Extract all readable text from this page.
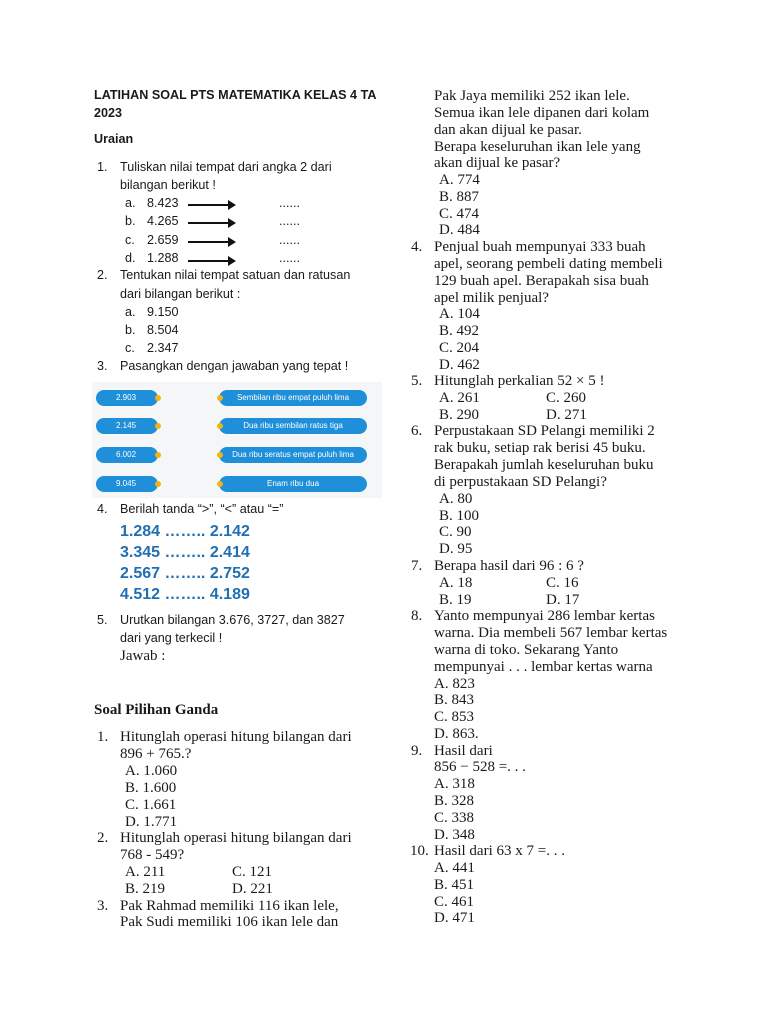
LATIHAN SOAL PTS MATEMATIKA KELAS 4 TA
2023
Uraian
1. Tuliskan nilai tempat dari angka 2 dari
bilangan berikut !
a. 8.423	......
b. 4.265	......
c. 2.659	......
d. 1.288	......
2. Tentukan nilai tempat satuan dan ratusan
dari bilangan berikut :
a. 9.150
b. 8.504
c. 2.347
3. Pasangkan dengan jawaban yang tepat !
2.903	Sembilan ribu empat puluh lima
2.145	Dua ribu sembilan ratus tiga
6.002	Dua ribu seratus empat puluh lima
9.045	Enam ribu dua
4. Berilah tanda “>”, “<” atau “=”
1.284 …….. 2.142
3.345 …….. 2.414
2.567 …….. 2.752
4.512 …….. 4.189
5. Urutkan bilangan 3.676, 3727, dan 3827
dari yang terkecil !
Jawab :
Soal Pilihan Ganda
1. Hitunglah operasi hitung bilangan dari
896 + 765.?
A. 1.060
B. 1.600
C. 1.661
D. 1.771
2. Hitunglah operasi hitung bilangan dari
768 - 549?
A. 211	C. 121
B. 219	D. 221
3. Pak Rahmad memiliki 116 ikan lele,
Pak Sudi memiliki 106 ikan lele dan
Pak Jaya memiliki 252 ikan lele.
Semua ikan lele dipanen dari kolam
dan akan dijual ke pasar.
Berapa keseluruhan ikan lele yang
akan dijual ke pasar?
A. 774
B. 887
C. 474
D. 484
4. Penjual buah mempunyai 333 buah
apel, seorang pembeli dating membeli
129 buah apel. Berapakah sisa buah
apel milik penjual?
A. 104
B. 492
C. 204
D. 462
5. Hitunglah perkalian 52 × 5 !
A. 261	C. 260
B. 290	D. 271
6. Perpustakaan SD Pelangi memiliki 2
rak buku, setiap rak berisi 45 buku.
Berapakah jumlah keseluruhan buku
di perpustakaan SD Pelangi?
A. 80
B. 100
C. 90
D. 95
7. Berapa hasil dari 96 : 6 ?
A. 18	C. 16
B. 19	D. 17
8. Yanto mempunyai 286 lembar kertas
warna. Dia membeli 567 lembar kertas
warna di toko. Sekarang Yanto
mempunyai . . . lembar kertas warna
A. 823
B. 843
C. 853
D. 863.
9. Hasil dari
856 − 528 =. . .
A. 318
B. 328
C. 338
D. 348
10. Hasil dari 63 x 7 =. . .
A. 441
B. 451
C. 461
D. 471
